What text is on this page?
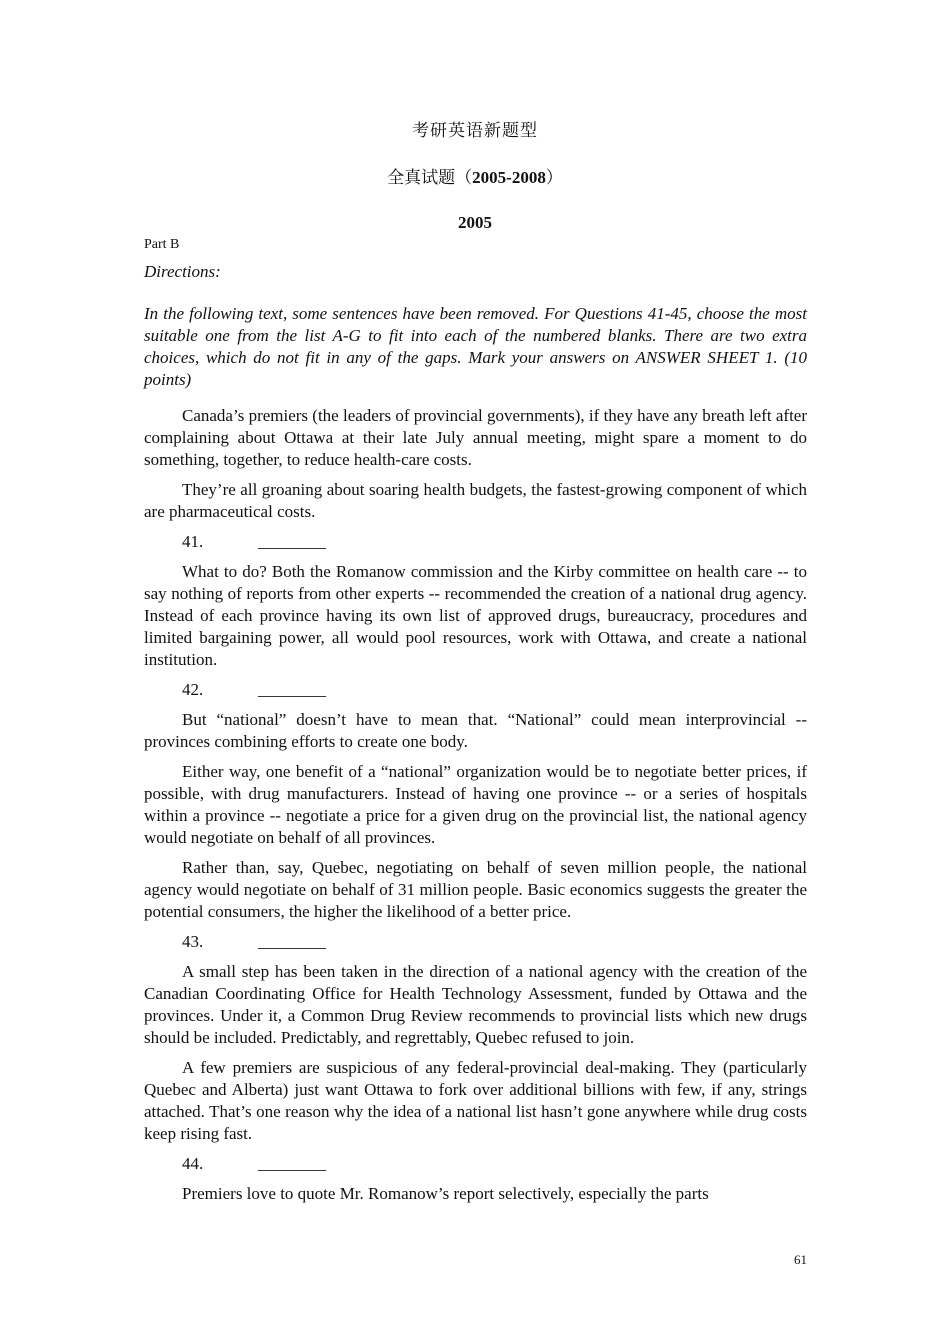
考研英语新题型
全真试题（2005-2008）
2005
Part B
Directions:
In the following text, some sentences have been removed. For Questions 41-45, choose the most suitable one from the list A-G to fit into each of the numbered blanks. There are two extra choices, which do not fit in any of the gaps. Mark your answers on ANSWER SHEET 1. (10 points)

Canada’s premiers (the leaders of provincial governments), if they have any breath left after complaining about Ottawa at their late July annual meeting, might spare a moment to do something, together, to reduce health-care costs.

They’re all groaning about soaring health budgets, the fastest-growing component of which are pharmaceutical costs.

41.	________

What to do? Both the Romanow commission and the Kirby committee on health care -- to say nothing of reports from other experts -- recommended the creation of a national drug agency. Instead of each province having its own list of approved drugs, bureaucracy, procedures and limited bargaining power, all would pool resources, work with Ottawa, and create a national institution.

42.	________

But “national” doesn’t have to mean that. “National” could mean interprovincial -- provinces combining efforts to create one body.

Either way, one benefit of a “national” organization would be to negotiate better prices, if possible, with drug manufacturers. Instead of having one province -- or a series of hospitals within a province -- negotiate a price for a given drug on the provincial list, the national agency would negotiate on behalf of all provinces.

Rather than, say, Quebec, negotiating on behalf of seven million people, the national agency would negotiate on behalf of 31 million people. Basic economics suggests the greater the potential consumers, the higher the likelihood of a better price.

43.	________

A small step has been taken in the direction of a national agency with the creation of the Canadian Coordinating Office for Health Technology Assessment, funded by Ottawa and the provinces. Under it, a Common Drug Review recommends to provincial lists which new drugs should be included. Predictably, and regrettably, Quebec refused to join.

A few premiers are suspicious of any federal-provincial deal-making. They (particularly Quebec and Alberta) just want Ottawa to fork over additional billions with few, if any, strings attached. That’s one reason why the idea of a national list hasn’t gone anywhere while drug costs keep rising fast.

44.	________

Premiers love to quote Mr. Romanow’s report selectively, especially the parts

61
